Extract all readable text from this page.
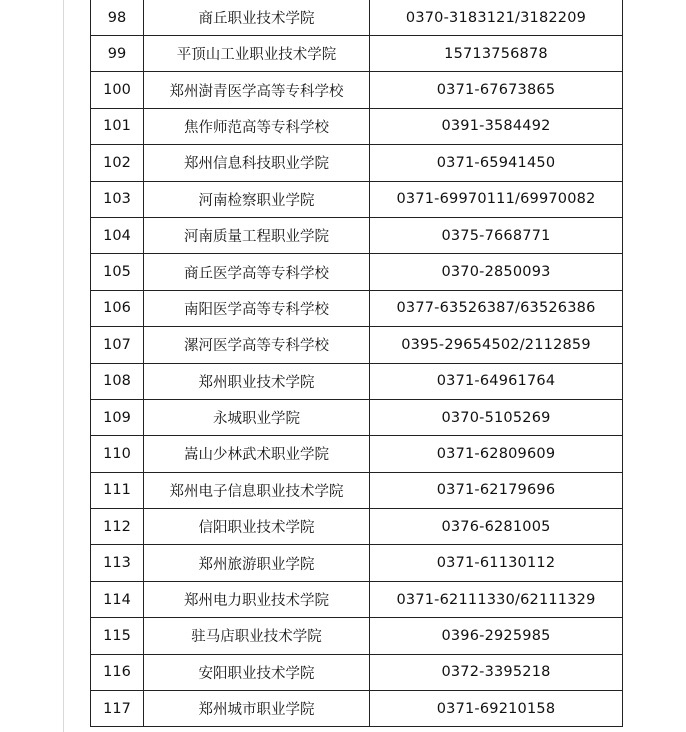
98	商丘职业技术学院	0370-3183121/3182209
99	平顶山工业职业技术学院	15713756878
100	郑州澍青医学高等专科学校	0371-67673865
101	焦作师范高等专科学校	0391-3584492
102	郑州信息科技职业学院	0371-65941450
103	河南检察职业学院	0371-69970111/69970082
104	河南质量工程职业学院	0375-7668771
105	商丘医学高等专科学校	0370-2850093
106	南阳医学高等专科学校	0377-63526387/63526386
107	漯河医学高等专科学校	0395-29654502/2112859
108	郑州职业技术学院	0371-64961764
109	永城职业学院	0370-5105269
110	嵩山少林武术职业学院	0371-62809609
111	郑州电子信息职业技术学院	0371-62179696
112	信阳职业技术学院	0376-6281005
113	郑州旅游职业学院	0371-61130112
114	郑州电力职业技术学院	0371-62111330/62111329
115	驻马店职业技术学院	0396-2925985
116	安阳职业技术学院	0372-3395218
117	郑州城市职业学院	0371-69210158
